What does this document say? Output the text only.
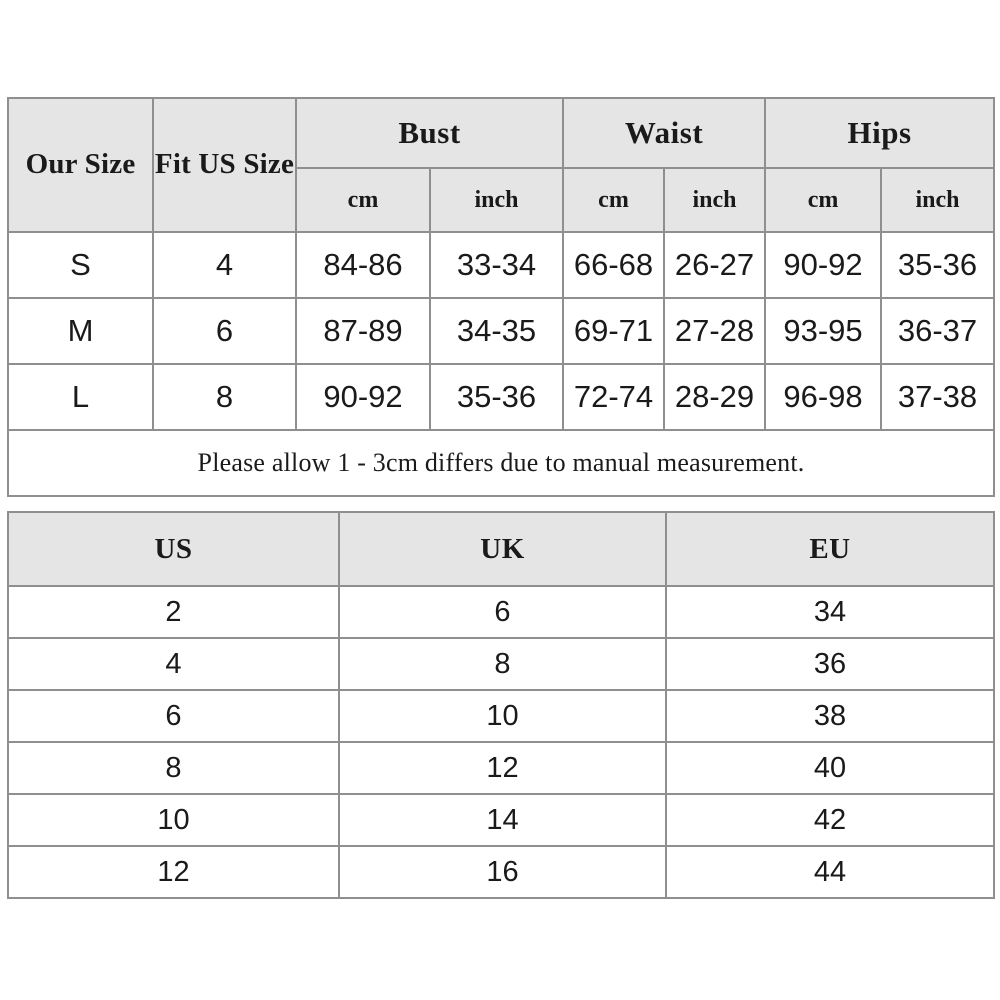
Our Size	Fit US Size	Bust		Waist		Hips	
		cm	inch	cm	inch	cm	inch
S	4	84-86	33-34	66-68	26-27	90-92	35-36
M	6	87-89	34-35	69-71	27-28	93-95	36-37
L	8	90-92	35-36	72-74	28-29	96-98	37-38
Please allow 1 - 3cm differs due to manual measurement.							
US	UK	EU
2	6	34
4	8	36
6	10	38
8	12	40
10	14	42
12	16	44
